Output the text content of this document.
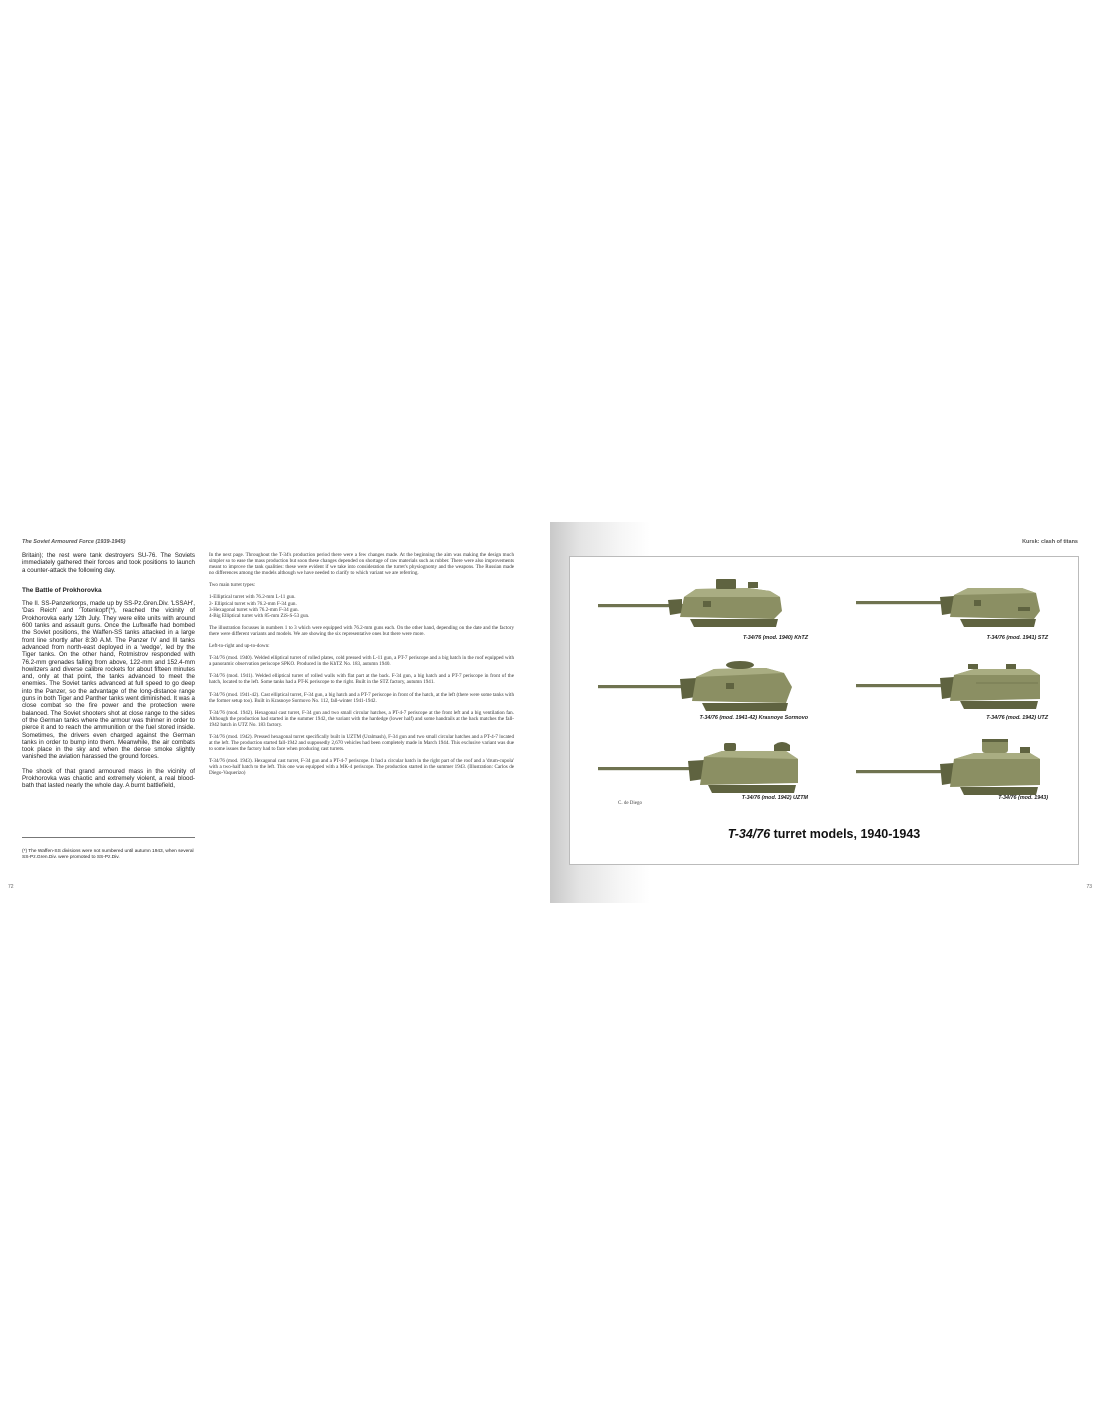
The Soviet Armoured Force (1939-1945)

Britain); the rest were tank destroyers SU-76. The Soviets immediately gathered their forces and took positions to launch a counter-attack the following day.

The Battle of Prokhorovka

The II. SS-Panzerkorps, made up by SS-Pz.Gren.Div. 'LSSAH', 'Das Reich' and 'Totenkopf'(*), reached the vicinity of Prokhorovka early 12th July. They were elite units with around 600 tanks and assault guns. Once the Luftwaffe had bombed the Soviet positions, the Waffen-SS tanks attacked in a large front line shortly after 8:30 A.M. The Panzer IV and III tanks advanced from north-east deployed in a 'wedge', led by the Tiger tanks. On the other hand, Rotmistrov responded with 76.2-mm grenades falling from above, 122-mm and 152.4-mm howitzers and diverse calibre rockets for about fifteen minutes and, only at that point, the tanks advanced to meet the enemies. The Soviet tanks advanced at full speed to go deep into the Panzer, so the advantage of the long-distance range guns in both Tiger and Panther tanks went diminished. It was a close combat so the fire power and the protection were balanced. The Soviet shooters shot at close range to the sides of the German tanks where the armour was thinner in order to pierce it and to reach the ammunition or the fuel stored inside. Sometimes, the drivers even charged against the German tanks in order to bump into them. Meanwhile, the air combats took place in the sky and when the dense smoke slightly vanished the aviation harassed the ground forces.

The shock of that grand armoured mass in the vicinity of Prokhorovka was chaotic and extremely violent, a real blood-bath that lasted nearly the whole day. A burnt battlefield,

(*) The Waffen-SS divisions were not numbered until autumn 1943, when several SS-Pz.Gren.Div. were promoted to SS-Pz.Div.

In the next page. Throughout the T-34's production period there were a few changes made. At the beginning the aim was making the design much simpler so to ease the mass production but soon these changes depended on shortage of raw materials such as rubber. There were also improvements meant to improve the tank qualities: these were evident if we take into consideration the turret's physiognomy and the weapons. The Russian made no differences among the models although we have needed to clarify to which variant we are referring.

Two main turret types:

1-Elliptical turret with 76.2-mm L-11 gun.
2- Elliptical turret with 76.2-mm F-34 gun.
3-Hexagonal turret with 76.2-mm F-34 gun.
4-Big Elliptical turret with 85-mm ZiS-S-53 gun.

The illustration focusses in numbers 1 to 3 which were equipped with 76.2-mm guns each. On the other hand, depending on the date and the factory there were different variants and models. We are showing the six representative ones but there were more.

Left-to-right and up-to-down:

T-34/76 (mod. 1940). Welded elliptical turret of rolled plates, cold pressed with L-11 gun, a PT-7 periscope and a big hatch in the roof equipped with a panoramic observation periscope SPKO. Produced in the KhTZ No. 183, autumn 1940.

T-34/76 (mod. 1941). Welded elliptical turret of rolled walls with flat part at the back. F-34 gun, a big hatch and a PT-7 periscope in front of the hatch, located to the left. Some tanks had a PT-K periscope to the right. Built in the STZ factory, autumn 1941.

T-34/76 (mod. 1941-42). Cast elliptical turret, F-34 gun, a big hatch and a PT-7 periscope in front of the hatch, at the left (there were some tanks with the former setup too). Built in Krasnoye Sormovo No. 112, fall-winter 1941-1942.

T-34/76 (mod. 1942). Hexagonal cast turret, F-34 gun and two small circular hatches, a PT-4-7 periscope at the front left and a big ventilation fan. Although the production had started in the summer 1942, the variant with the hardedge (lower half) and some handrails at the back matches the fall-1942 batch in UTZ No. 183 factory.

T-34/76 (mod. 1942). Pressed hexagonal turret specifically built in UZTM (Uralmash), F-34 gun and two small circular hatches and a PT-4-7 located at the left. The production started fall-1942 and supposedly 2,670 vehicles had been completely made in March 1944. This exclusive variant was due to some issues the factory had to face when producing cast turrets.

T-34/76 (mod. 1943). Hexagonal cast turret, F-34 gun and a PT-4-7 periscope. It had a circular hatch in the right part of the roof and a 'drum-cupola' with a two-half hatch to the left. This one was equipped with a MK-4 periscope. The production started in the summer 1943. (Illustration: Carlos de Diego-Vaquerizo)

72
Kursk: clash of titans
T-34/76 (mod. 1940) KhTZ	T-34/76 (mod. 1941) STZ
T-34/76 (mod. 1941-42) Krasnoye Sormovo	T-34/76 (mod. 1942) UTZ
T-34/76 (mod. 1942) UZTM	T-34/76 (mod. 1943)
C. de Diego
T-34/76 turret models, 1940-1943
73
